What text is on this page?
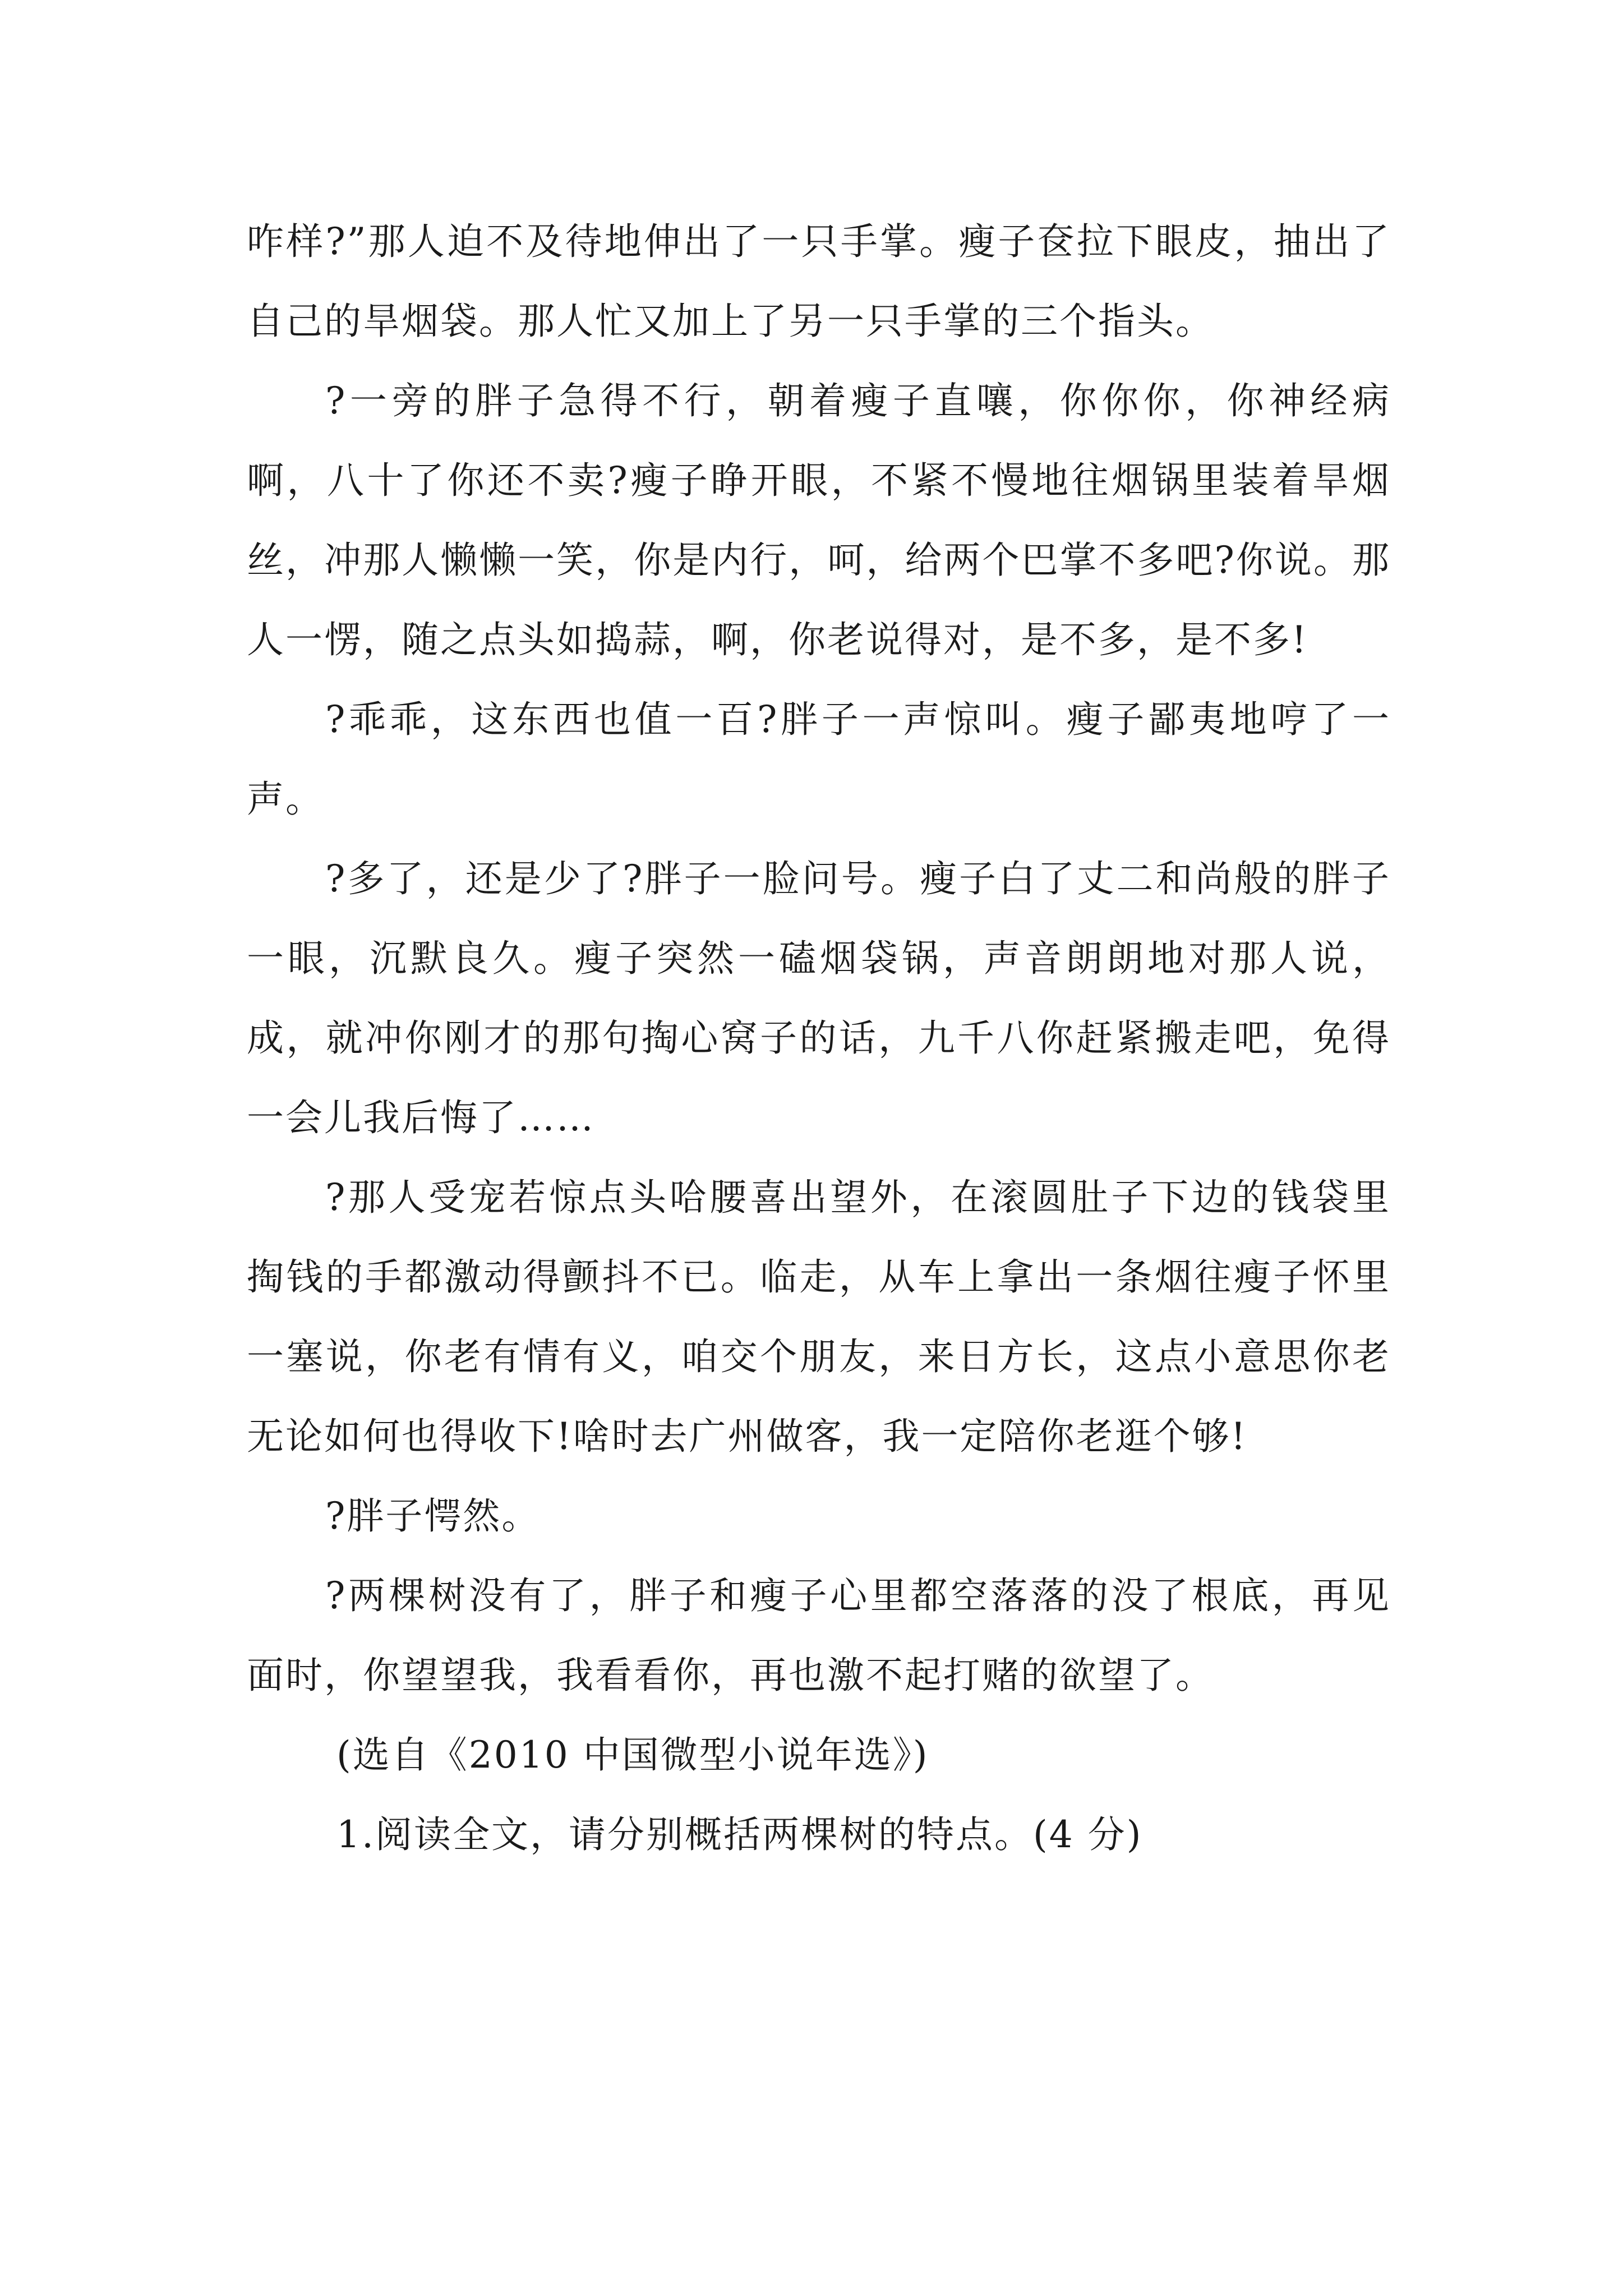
咋样?”那人迫不及待地伸出了一只手掌。瘦子奁拉下眼皮，抽出了自己的旱烟袋。那人忙又加上了另一只手掌的三个指头。

?一旁的胖子急得不行，朝着瘦子直嚷，你你你，你神经病啊，八十了你还不卖?瘦子睁开眼，不紧不慢地往烟锅里装着旱烟丝，冲那人懒懒一笑，你是内行，呵，给两个巴掌不多吧?你说。那人一愣，随之点头如捣蒜，啊，你老说得对，是不多，是不多!

?乖乖，这东西也值一百?胖子一声惊叫。瘦子鄙夷地哼了一声。

?多了，还是少了?胖子一脸问号。瘦子白了丈二和尚般的胖子一眼，沉默良久。瘦子突然一磕烟袋锅，声音朗朗地对那人说，成，就冲你刚才的那句掏心窝子的话，九千八你赶紧搬走吧，免得一会儿我后悔了……

?那人受宠若惊点头哈腰喜出望外，在滚圆肚子下边的钱袋里掏钱的手都激动得颤抖不已。临走，从车上拿出一条烟往瘦子怀里一塞说，你老有情有义，咱交个朋友，来日方长，这点小意思你老无论如何也得收下!啥时去广州做客，我一定陪你老逛个够!

?胖子愕然。

?两棵树没有了，胖子和瘦子心里都空落落的没了根底，再见面时，你望望我，我看看你，再也激不起打赌的欲望了。

(选自《2010 中国微型小说年选》)

1.阅读全文，请分别概括两棵树的特点。(4 分)
